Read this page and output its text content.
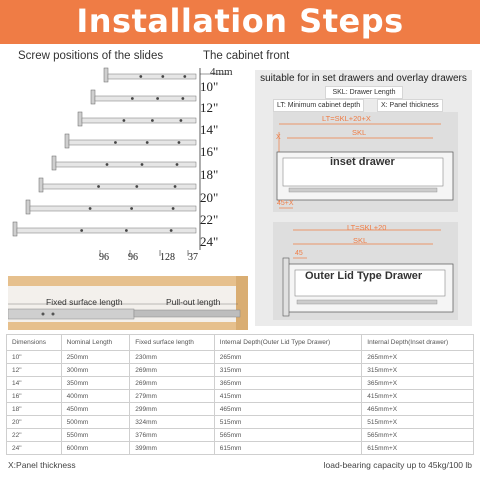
Installation Steps
Screw positions of the slides	The cabinet front
4mm
10"
12"
14"
16"
18"
20"
22"
24"
96 96 128 37
Fixed surface length	Pull-out length
suitable for in set drawers and overlay drawers
SKL: Drawer Length
LT: Minimum cabinet depth	X: Panel thickness
LT=SKL+20+X
SKL
X
inset drawer
45+X
LT=SKL+20
SKL
45
Outer Lid Type Drawer
Dimensions	Nominal Length	Fixed surface length	Internal Depth(Outer Lid Type Drawer)	Internal Depth(Inset drawer)
10"	250mm	230mm	265mm	265mm+X
12"	300mm	269mm	315mm	315mm+X
14"	350mm	269mm	365mm	365mm+X
16"	400mm	279mm	415mm	415mm+X
18"	450mm	299mm	465mm	465mm+X
20"	500mm	324mm	515mm	515mm+X
22"	550mm	376mm	565mm	565mm+X
24"	600mm	399mm	615mm	615mm+X
X:Panel thickness	load-bearing capacity up to 45kg/100 lb
